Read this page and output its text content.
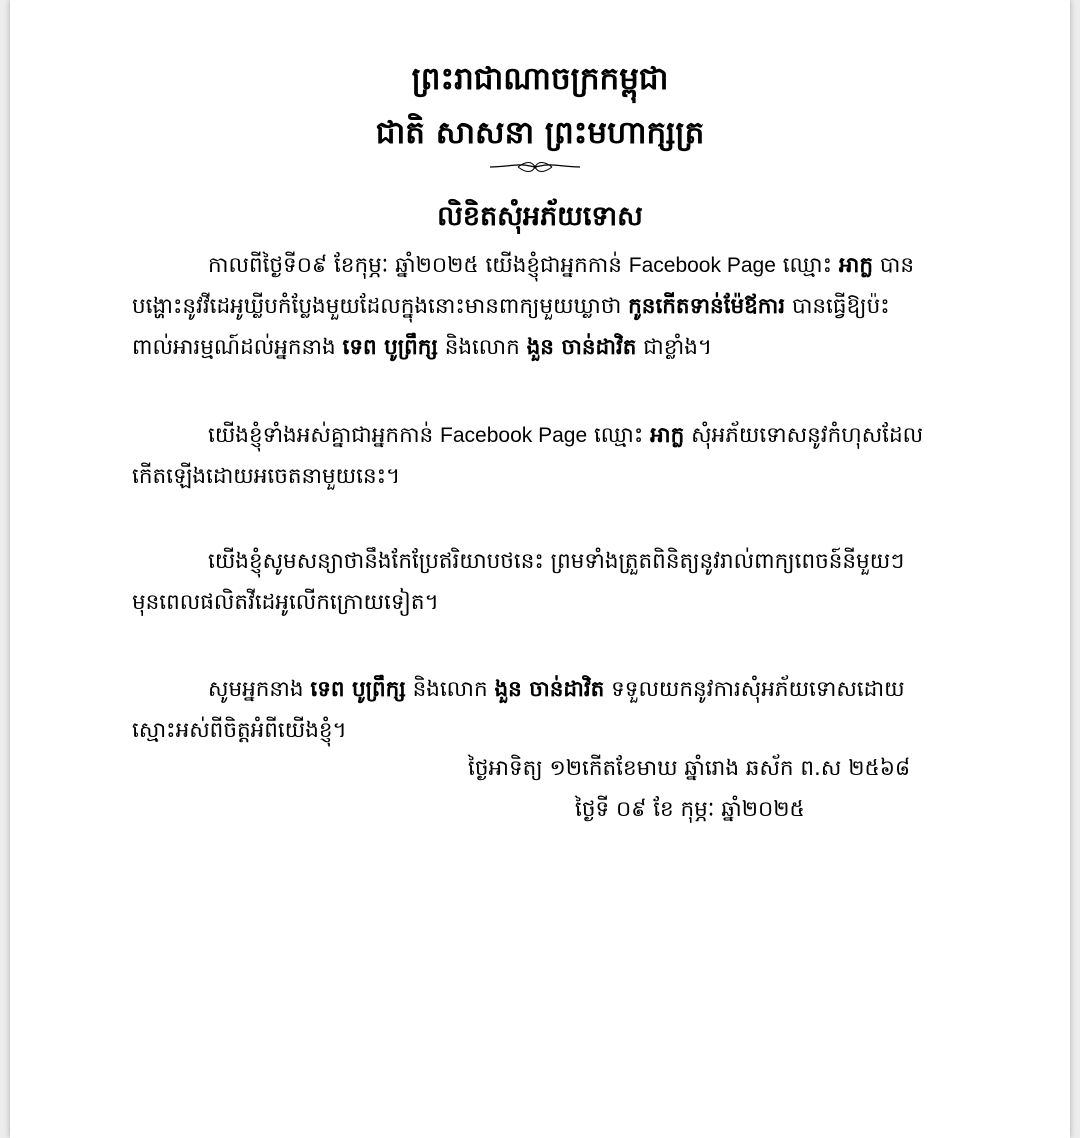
ព្រះរាជាណាចក្រកម្ពុជា
ជាតិ សាសនា ព្រះមហាក្សត្រ
លិខិតសុំអភ័យទោស
កាលពីថ្ងៃទី០៩ ខែកុម្ភៈ ឆ្នាំ២០២៥ យើងខ្ញុំជាអ្នកកាន់ Facebook Page ឈ្មោះ អាក្ល បាន
បង្ហោះនូវវីដេអូឃ្លីបកំប្លែងមួយដែលក្នុងនោះមានពាក្យមួយឃ្លាថា កូនកើតទាន់ម៉ែឪការ បានធ្វើឱ្យប៉ះ
ពាល់អារម្មណ៍ដល់អ្នកនាង ទេព បូព្រឹក្ស និងលោក ងួន ចាន់ដាវិត ជាខ្លាំង។
យើងខ្ញុំទាំងអស់គ្នាជាអ្នកកាន់ Facebook Page ឈ្មោះ អាក្ល សុំអភ័យទោសនូវកំហុសដែល
កើតឡើងដោយអចេតនាមួយនេះ។
យើងខ្ញុំសូមសន្យាថានឹងកែប្រែឥរិយាបថនេះ ព្រមទាំងត្រួតពិនិត្យនូវរាល់ពាក្យពេចន៍នីមួយៗ
មុនពេលផលិតវីដេអូលើកក្រោយទៀត។
សូមអ្នកនាង ទេព បូព្រឹក្ស និងលោក ងួន ចាន់ដាវិត ទទួលយកនូវការសុំអភ័យទោសដោយ
ស្មោះអស់ពីចិត្តអំពីយើងខ្ញុំ។
ថ្ងៃអាទិត្យ ១២កើតខែមាឃ ឆ្នាំរោង ឆស័ក ព.ស ២៥៦៨
ថ្ងៃទី ០៩ ខែ កុម្ភៈ ឆ្នាំ២០២៥
